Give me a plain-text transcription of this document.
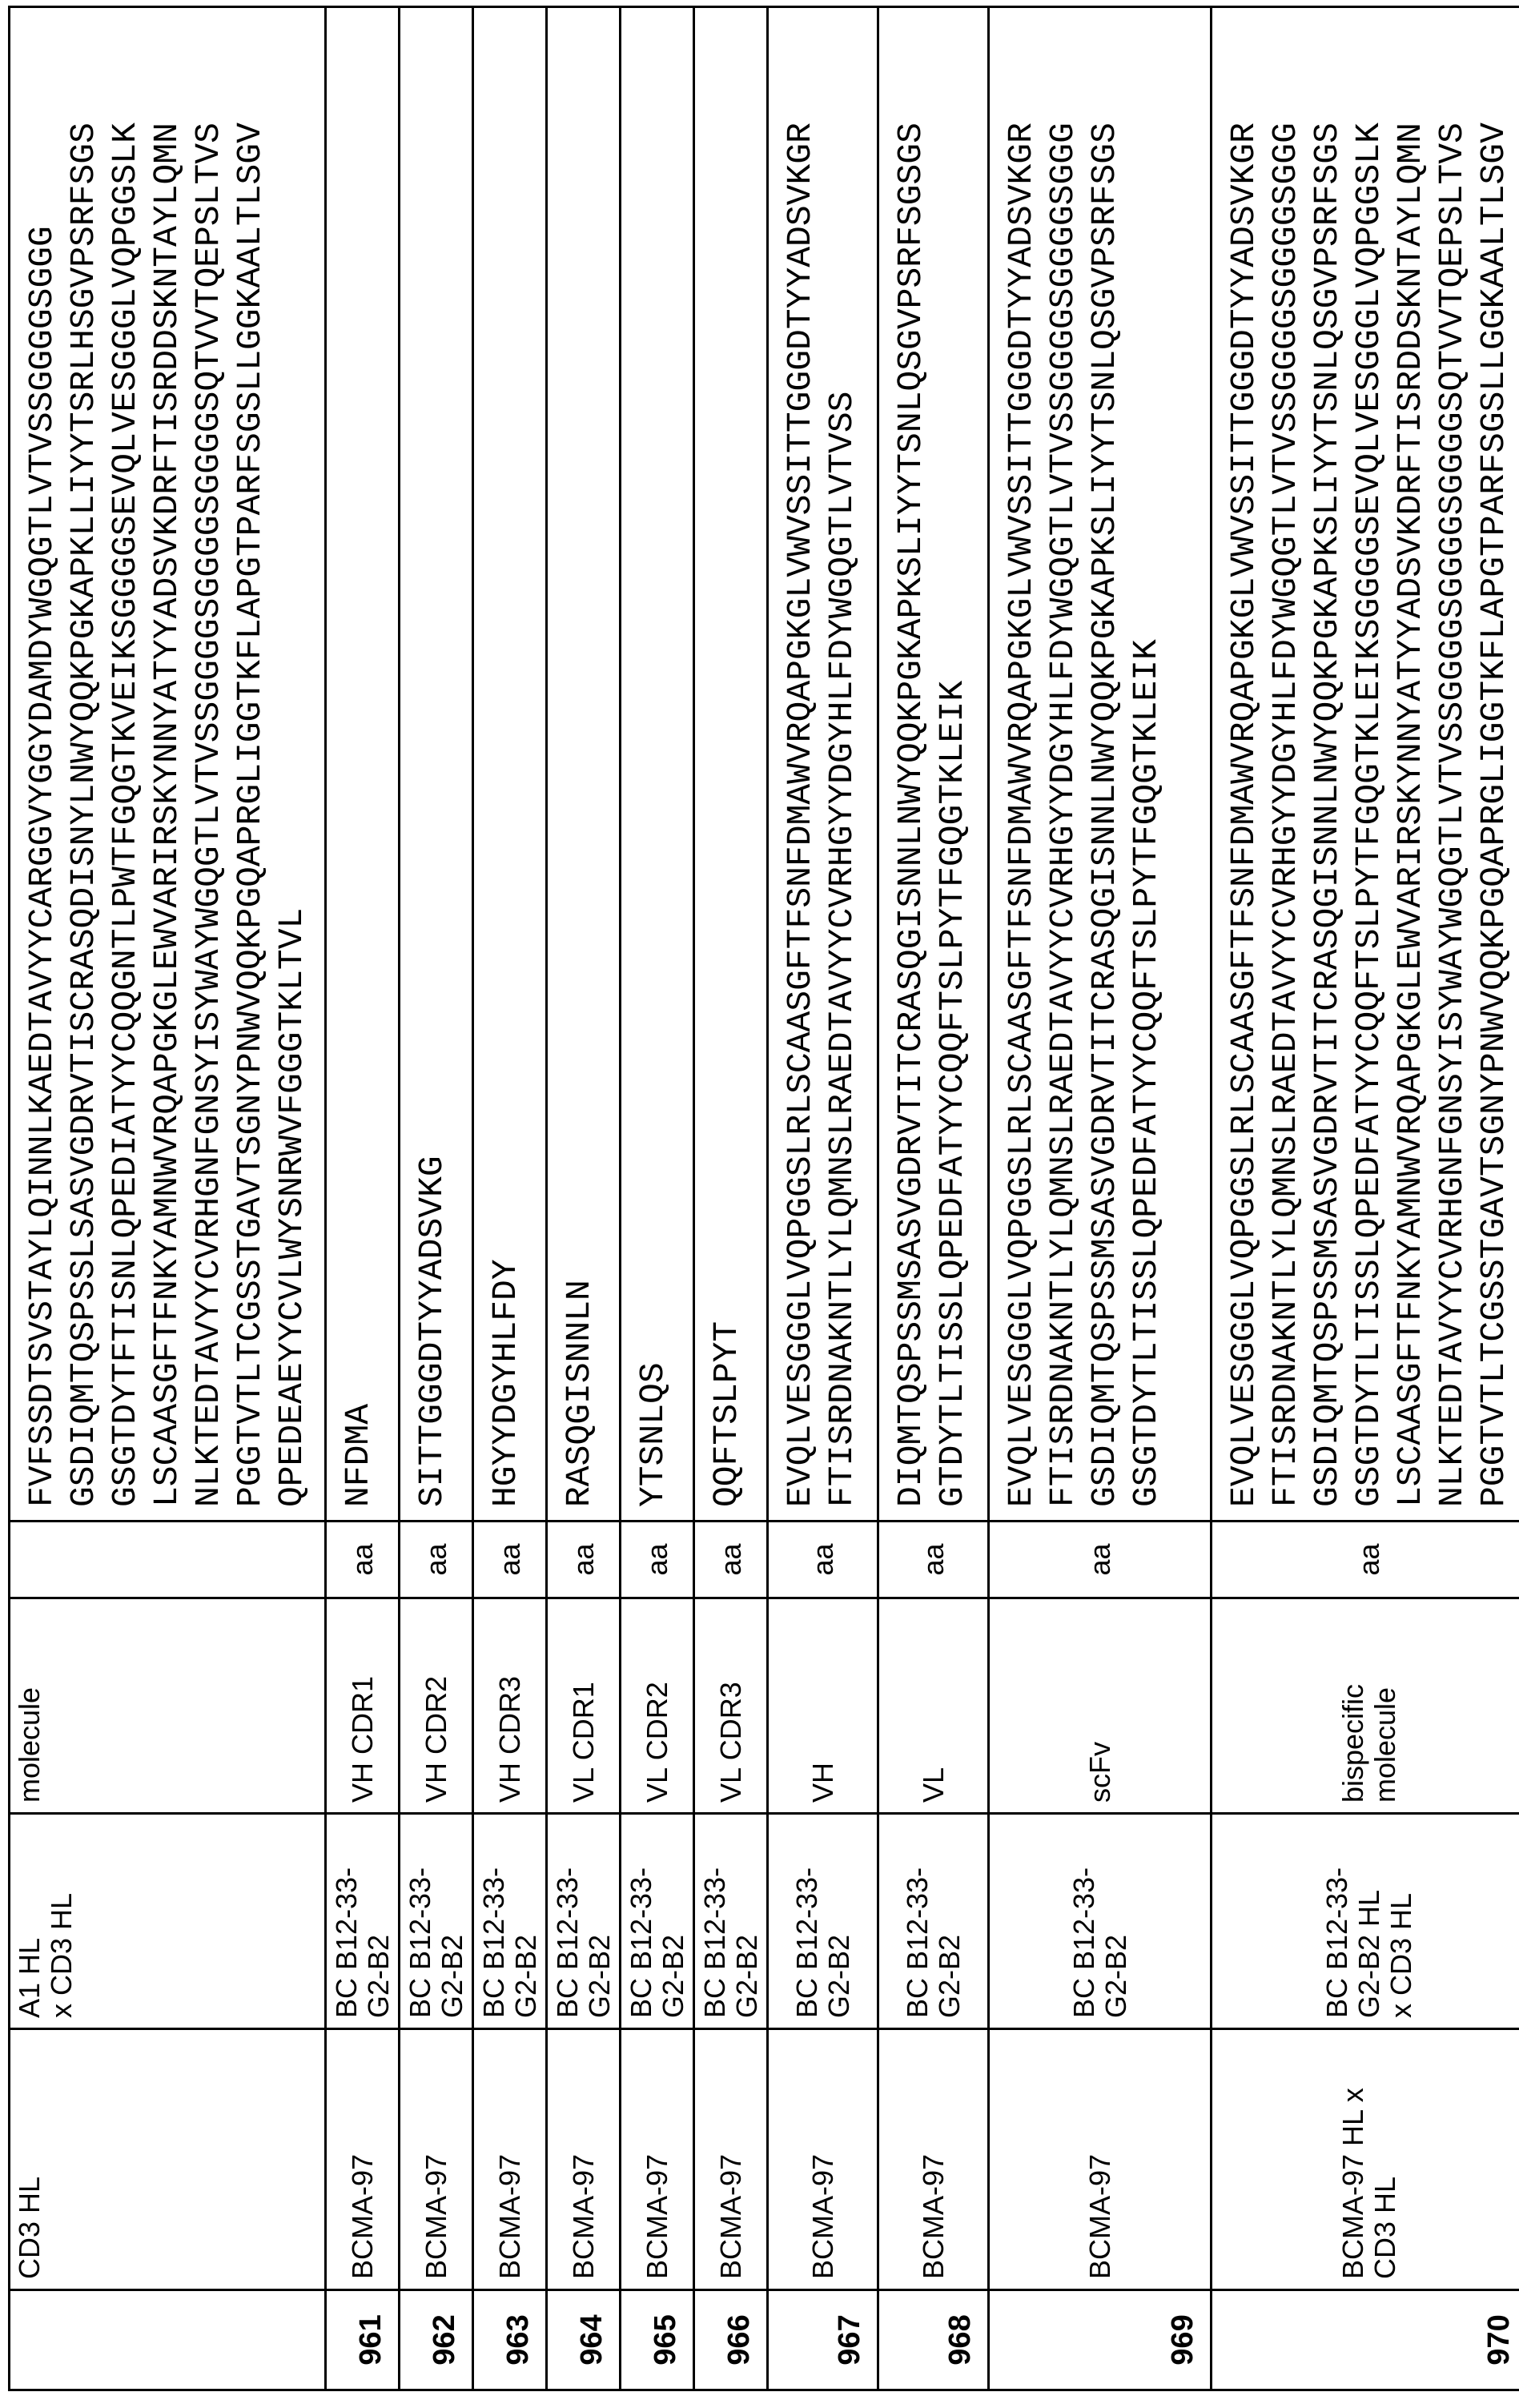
	CD3 HL	A1 HL
x CD3 HL	molecule		
FVFSSDTSVSTAYLQINNLKAEDTAVYYCARGGVYGGYDAMDYWGQGTLVTVSSGGGGSGGG GSDIQMTQSPSSLSASVGDRVTISCRASQDISNYLNWYQQKPGKAPKLLIYYTSRLHSGVPSRFSGS GSGTDYTFTISNLQPEDIATYYCQQGNTLPWTFGQGTKVEIKSGGGGSEVQLVESGGGLVQPGGSLK LSCAASGFTFNKYAMNWVRQAPGKGLEWVARIRSKYNNYATYYADSVKDRFTISRDDSKNTAYLQMN NLKTEDTAVYYCVRHGNFGNSYISYWAYWGQGTLVTVSSGGGGSGGGGSGGGGSQTVVTQEPSLTVS PGGTVTLTCGSSTGAVTSGNYPNWVQQKPGQAPRGLIGGTKFLAPGTPARFSGSLLGGKAALTLSGV QPEDEAEYYCVLWYSNRWVFGGGTKLTVL

961	BCMA-97	BC B12-33-
G2-B2	VH CDR1	aa	
NFDMA

962	BCMA-97	BC B12-33-
G2-B2	VH CDR2	aa	
SITTGGGDTYYADSVKG

963	BCMA-97	BC B12-33-
G2-B2	VH CDR3	aa	
HGYYDGYHLFDY

964	BCMA-97	BC B12-33-
G2-B2	VL CDR1	aa	
RASQGISNNLN

965	BCMA-97	BC B12-33-
G2-B2	VL CDR2	aa	
YTSNLQS

966	BCMA-97	BC B12-33-
G2-B2	VL CDR3	aa	
QQFTSLPYT

967	BCMA-97	BC B12-33-
G2-B2	VH	aa	
EVQLVESGGGLVQPGGSLRLSCAASGFTFSNFDMAWVRQAPGKGLVWVSSITTGGGDTYYADSVKGR FTISRDNAKNTLYLQMNSLRAEDTAVYYCVRHGYYDGYHLFDYWGQGTLVTVSS

968	BCMA-97	BC B12-33-
G2-B2	VL	aa	
DIQMTQSPSSMSASVGDRVTITCRASQGISNNLNWYQQKPGKAPKSLIYYTSNLQSGVPSRFSGSGS GTDYTLTISSLQPEDFATYYCQQFTSLPYTFGQGTKLEIK

969	BCMA-97	BC B12-33-
G2-B2	scFv	aa	
EVQLVESGGGLVQPGGSLRLSCAASGFTFSNFDMAWVRQAPGKGLVWVSSITTGGGDTYYADSVKGR FTISRDNAKNTLYLQMNSLRAEDTAVYYCVRHGYYDGYHLFDYWGQGTLVTVSSGGGGSGGGGSGGG GSDIQMTQSPSSMSASVGDRVTITCRASQGISNNLNWYQQKPGKAPKSLIYYTSNLQSGVPSRFSGS GSGTDYTLTISSLQPEDFATYYCQQFTSLPYTFGQGTKLEIK

970	BCMA-97 HL x
CD3 HL	BC B12-33-
G2-B2 HL
x CD3 HL	bispecific
molecule	aa	
EVQLVESGGGLVQPGGSLRLSCAASGFTFSNFDMAWVRQAPGKGLVWVSSITTGGGDTYYADSVKGR FTISRDNAKNTLYLQMNSLRAEDTAVYYCVRHGYYDGYHLFDYWGQGTLVTVSSGGGGSGGGGSGGG GSDIQMTQSPSSMSASVGDRVTITCRASQGISNNLNWYQQKPGKAPKSLIYYTSNLQSGVPSRFSGS GSGTDYTLTISSLQPEDFATYYCQQFTSLPYTFGQGTKLEIKSGGGGSEVQLVESGGGLVQPGGSLK LSCAASGFTFNKYAMNWVRQAPGKGLEWVARIRSKYNNYATYYADSVKDRFTISRDDSKNTAYLQMN NLKTEDTAVYYCVRHGNFGNSYISYWAYWGQGTLVTVSSGGGGSGGGGSGGGGSQTVVTQEPSLTVS PGGTVTLTCGSSTGAVTSGNYPNWVQQKPGQAPRGLIGGTKFLAPGTPARFSGSLLGGKAALTLSGV
